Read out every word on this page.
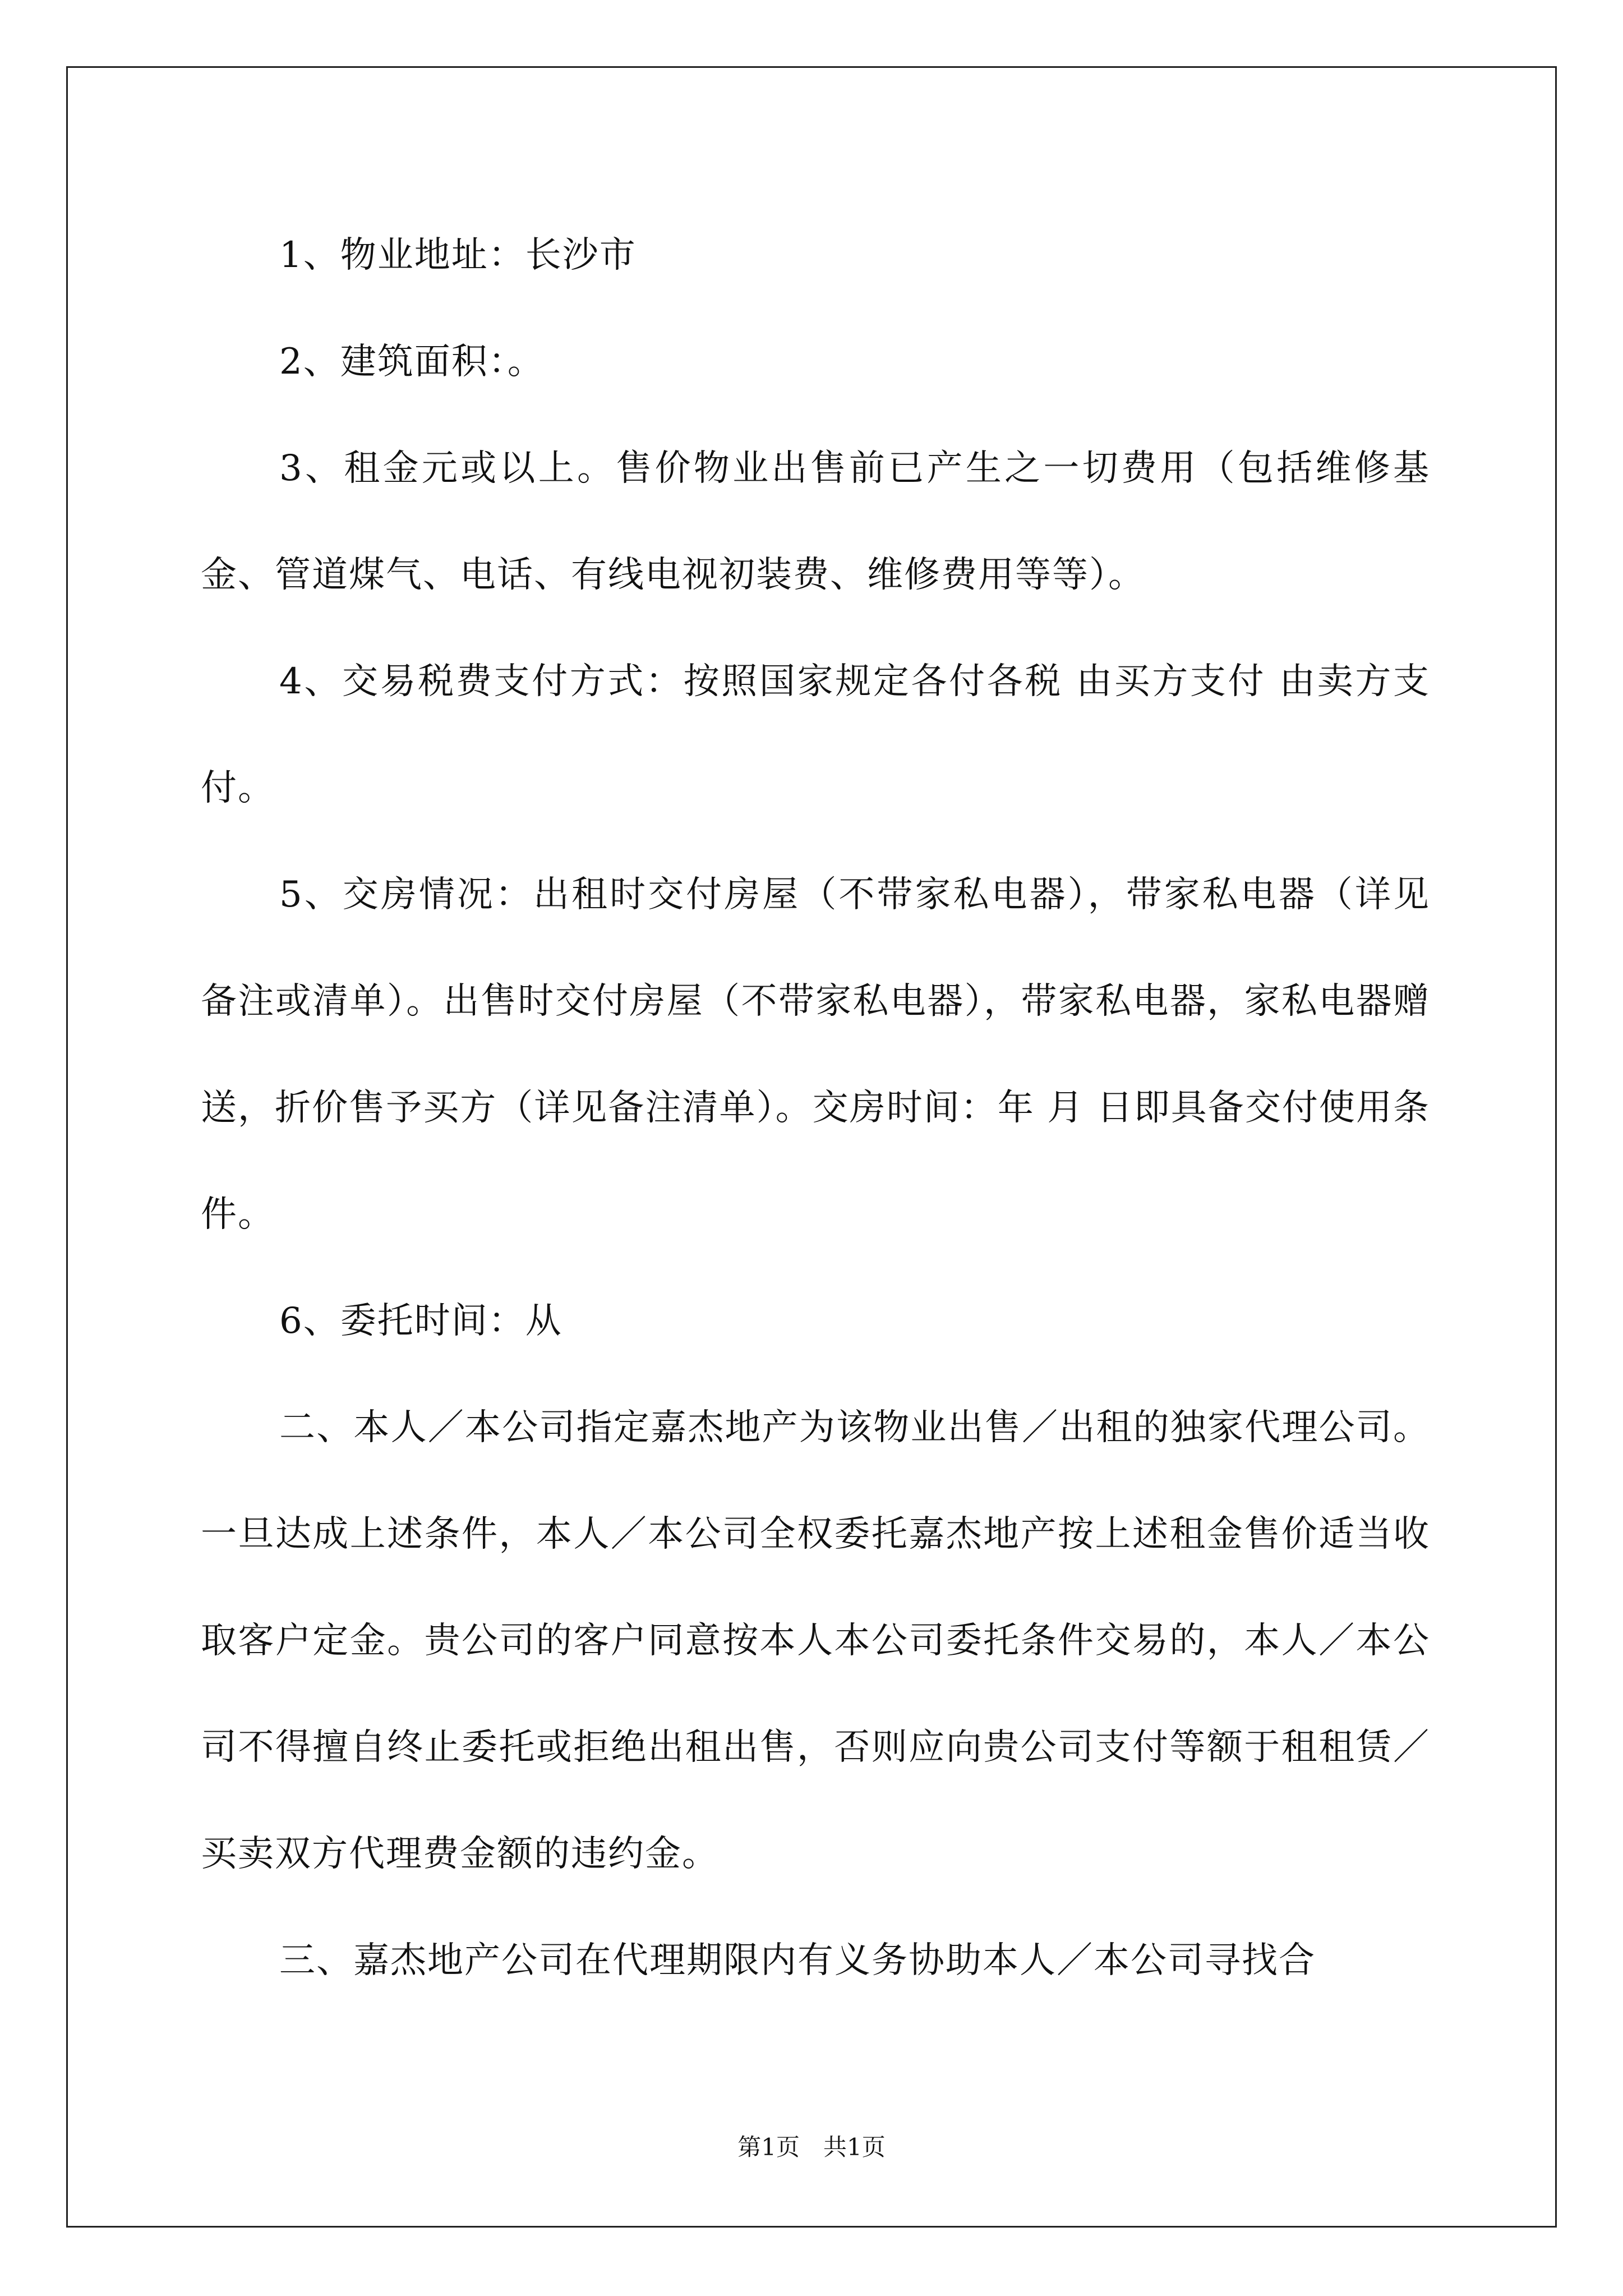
1、物业地址：长沙市

2、建筑面积：。

3、租金元或以上。售价物业出售前已产生之一切费用（包括维修基金、管道煤气、电话、有线电视初装费、维修费用等等）。

4、交易税费支付方式：按照国家规定各付各税 由买方支付 由卖方支付。

5、交房情况：出租时交付房屋（不带家私电器），带家私电器（详见备注或清单）。出售时交付房屋（不带家私电器），带家私电器，家私电器赠送，折价售予买方（详见备注清单）。交房时间：年 月 日即具备交付使用条件。

6、委托时间：从

二、本人／本公司指定嘉杰地产为该物业出售／出租的独家代理公司。一旦达成上述条件，本人／本公司全权委托嘉杰地产按上述租金售价适当收取客户定金。贵公司的客户同意按本人本公司委托条件交易的，本人／本公司不得擅自终止委托或拒绝出租出售，否则应向贵公司支付等额于租租赁／买卖双方代理费金额的违约金。

三、嘉杰地产公司在代理期限内有义务协助本人／本公司寻找合

第1页　共1页
